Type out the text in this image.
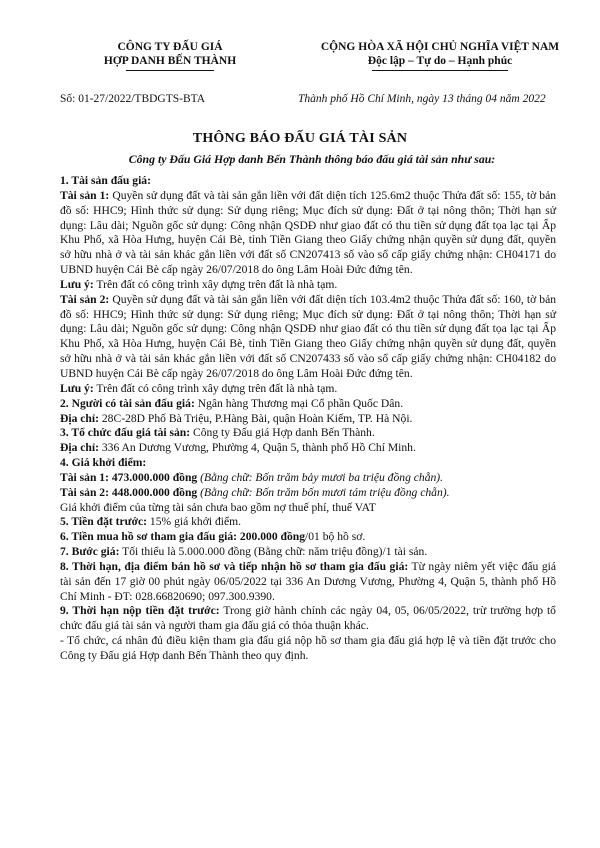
CÔNG TY ĐẤU GIÁ
HỢP DANH BẾN THÀNH
CỘNG HÒA XÃ HỘI CHỦ NGHĨA VIỆT NAM
Độc lập – Tự do – Hạnh phúc
Số: 01-27/2022/TBDGTS-BTA	Thành phố Hồ Chí Minh, ngày 13 tháng 04 năm 2022
THÔNG BÁO ĐẤU GIÁ TÀI SẢN
Công ty Đấu Giá Hợp danh Bến Thành thông báo đấu giá tài sản như sau:

1. Tài sản đấu giá:

Tài sản 1: Quyền sử dụng đất và tài sản gắn liền với đất diện tích 125.6m2 thuộc Thửa đất số: 155, tờ bản đồ số: HHC9; Hình thức sử dụng: Sử dụng riêng; Mục đích sử dụng: Đất ở tại nông thôn; Thời hạn sử dụng: Lâu dài; Nguồn gốc sử dụng: Công nhận QSDĐ như giao đất có thu tiền sử dụng đất tọa lạc tại Ấp Khu Phố, xã Hòa Hưng, huyện Cái Bè, tỉnh Tiền Giang theo Giấy chứng nhận quyền sử dụng đất, quyền sở hữu nhà ở và tài sản khác gắn liền với đất số CN207413 số vào sổ cấp giấy chứng nhận: CH04171 do UBND huyện Cái Bè cấp ngày 26/07/2018 do ông Lâm Hoài Đức đứng tên.

Lưu ý: Trên đất có công trình xây dựng trên đất là nhà tạm.

Tài sản 2: Quyền sử dụng đất và tài sản gắn liền với đất diện tích 103.4m2 thuộc Thửa đất số: 160, tờ bản đồ số: HHC9; Hình thức sử dụng: Sử dụng riêng; Mục đích sử dụng: Đất ở tại nông thôn; Thời hạn sử dụng: Lâu dài; Nguồn gốc sử dụng: Công nhận QSDĐ như giao đất có thu tiền sử dụng đất tọa lạc tại Ấp Khu Phố, xã Hòa Hưng, huyện Cái Bè, tỉnh Tiền Giang theo Giấy chứng nhận quyền sử dụng đất, quyền sở hữu nhà ở và tài sản khác gắn liền với đất số CN207433 số vào sổ cấp giấy chứng nhận: CH04182 do UBND huyện Cái Bè cấp ngày 26/07/2018 do ông Lâm Hoài Đức đứng tên.

Lưu ý: Trên đất có công trình xây dựng trên đất là nhà tạm.

2. Người có tài sản đấu giá: Ngân hàng Thương mại Cổ phần Quốc Dân.

Địa chỉ: 28C-28D Phố Bà Triệu, P.Hàng Bài, quận Hoàn Kiếm, TP. Hà Nội.

3. Tổ chức đấu giá tài sản: Công ty Đấu giá Hợp danh Bến Thành.

Địa chỉ: 336 An Dương Vương, Phường 4, Quận 5, thành phố Hồ Chí Minh.

4. Giá khởi điểm:

Tài sản 1: 473.000.000 đồng (Bằng chữ: Bốn trăm bảy mươi ba triệu đồng chẵn).

Tài sản 2: 448.000.000 đồng (Bằng chữ: Bốn trăm bốn mươi tám triệu đồng chẵn).

Giá khởi điểm của từng tài sản chưa bao gồm nợ thuế phí, thuế VAT

5. Tiền đặt trước: 15% giá khởi điểm.

6. Tiền mua hồ sơ tham gia đấu giá: 200.000 đồng/01 bộ hồ sơ.

7. Bước giá: Tối thiểu là 5.000.000 đồng (Bằng chữ: năm triệu đồng)/1 tài sản.

8. Thời hạn, địa điểm bán hồ sơ và tiếp nhận hồ sơ tham gia đấu giá: Từ ngày niêm yết việc đấu giá tài sản đến 17 giờ 00 phút ngày 06/05/2022 tại 336 An Dương Vương, Phường 4, Quận 5, thành phố Hồ Chí Minh - ĐT: 028.66820690; 097.300.9390.

9. Thời hạn nộp tiền đặt trước: Trong giờ hành chính các ngày 04, 05, 06/05/2022, trừ trường hợp tổ chức đấu giá tài sản và người tham gia đấu giá có thỏa thuận khác.

- Tổ chức, cá nhân đủ điều kiện tham gia đấu giá nộp hồ sơ tham gia đấu giá hợp lệ và tiền đặt trước cho Công ty Đấu giá Hợp danh Bến Thành theo quy định.
